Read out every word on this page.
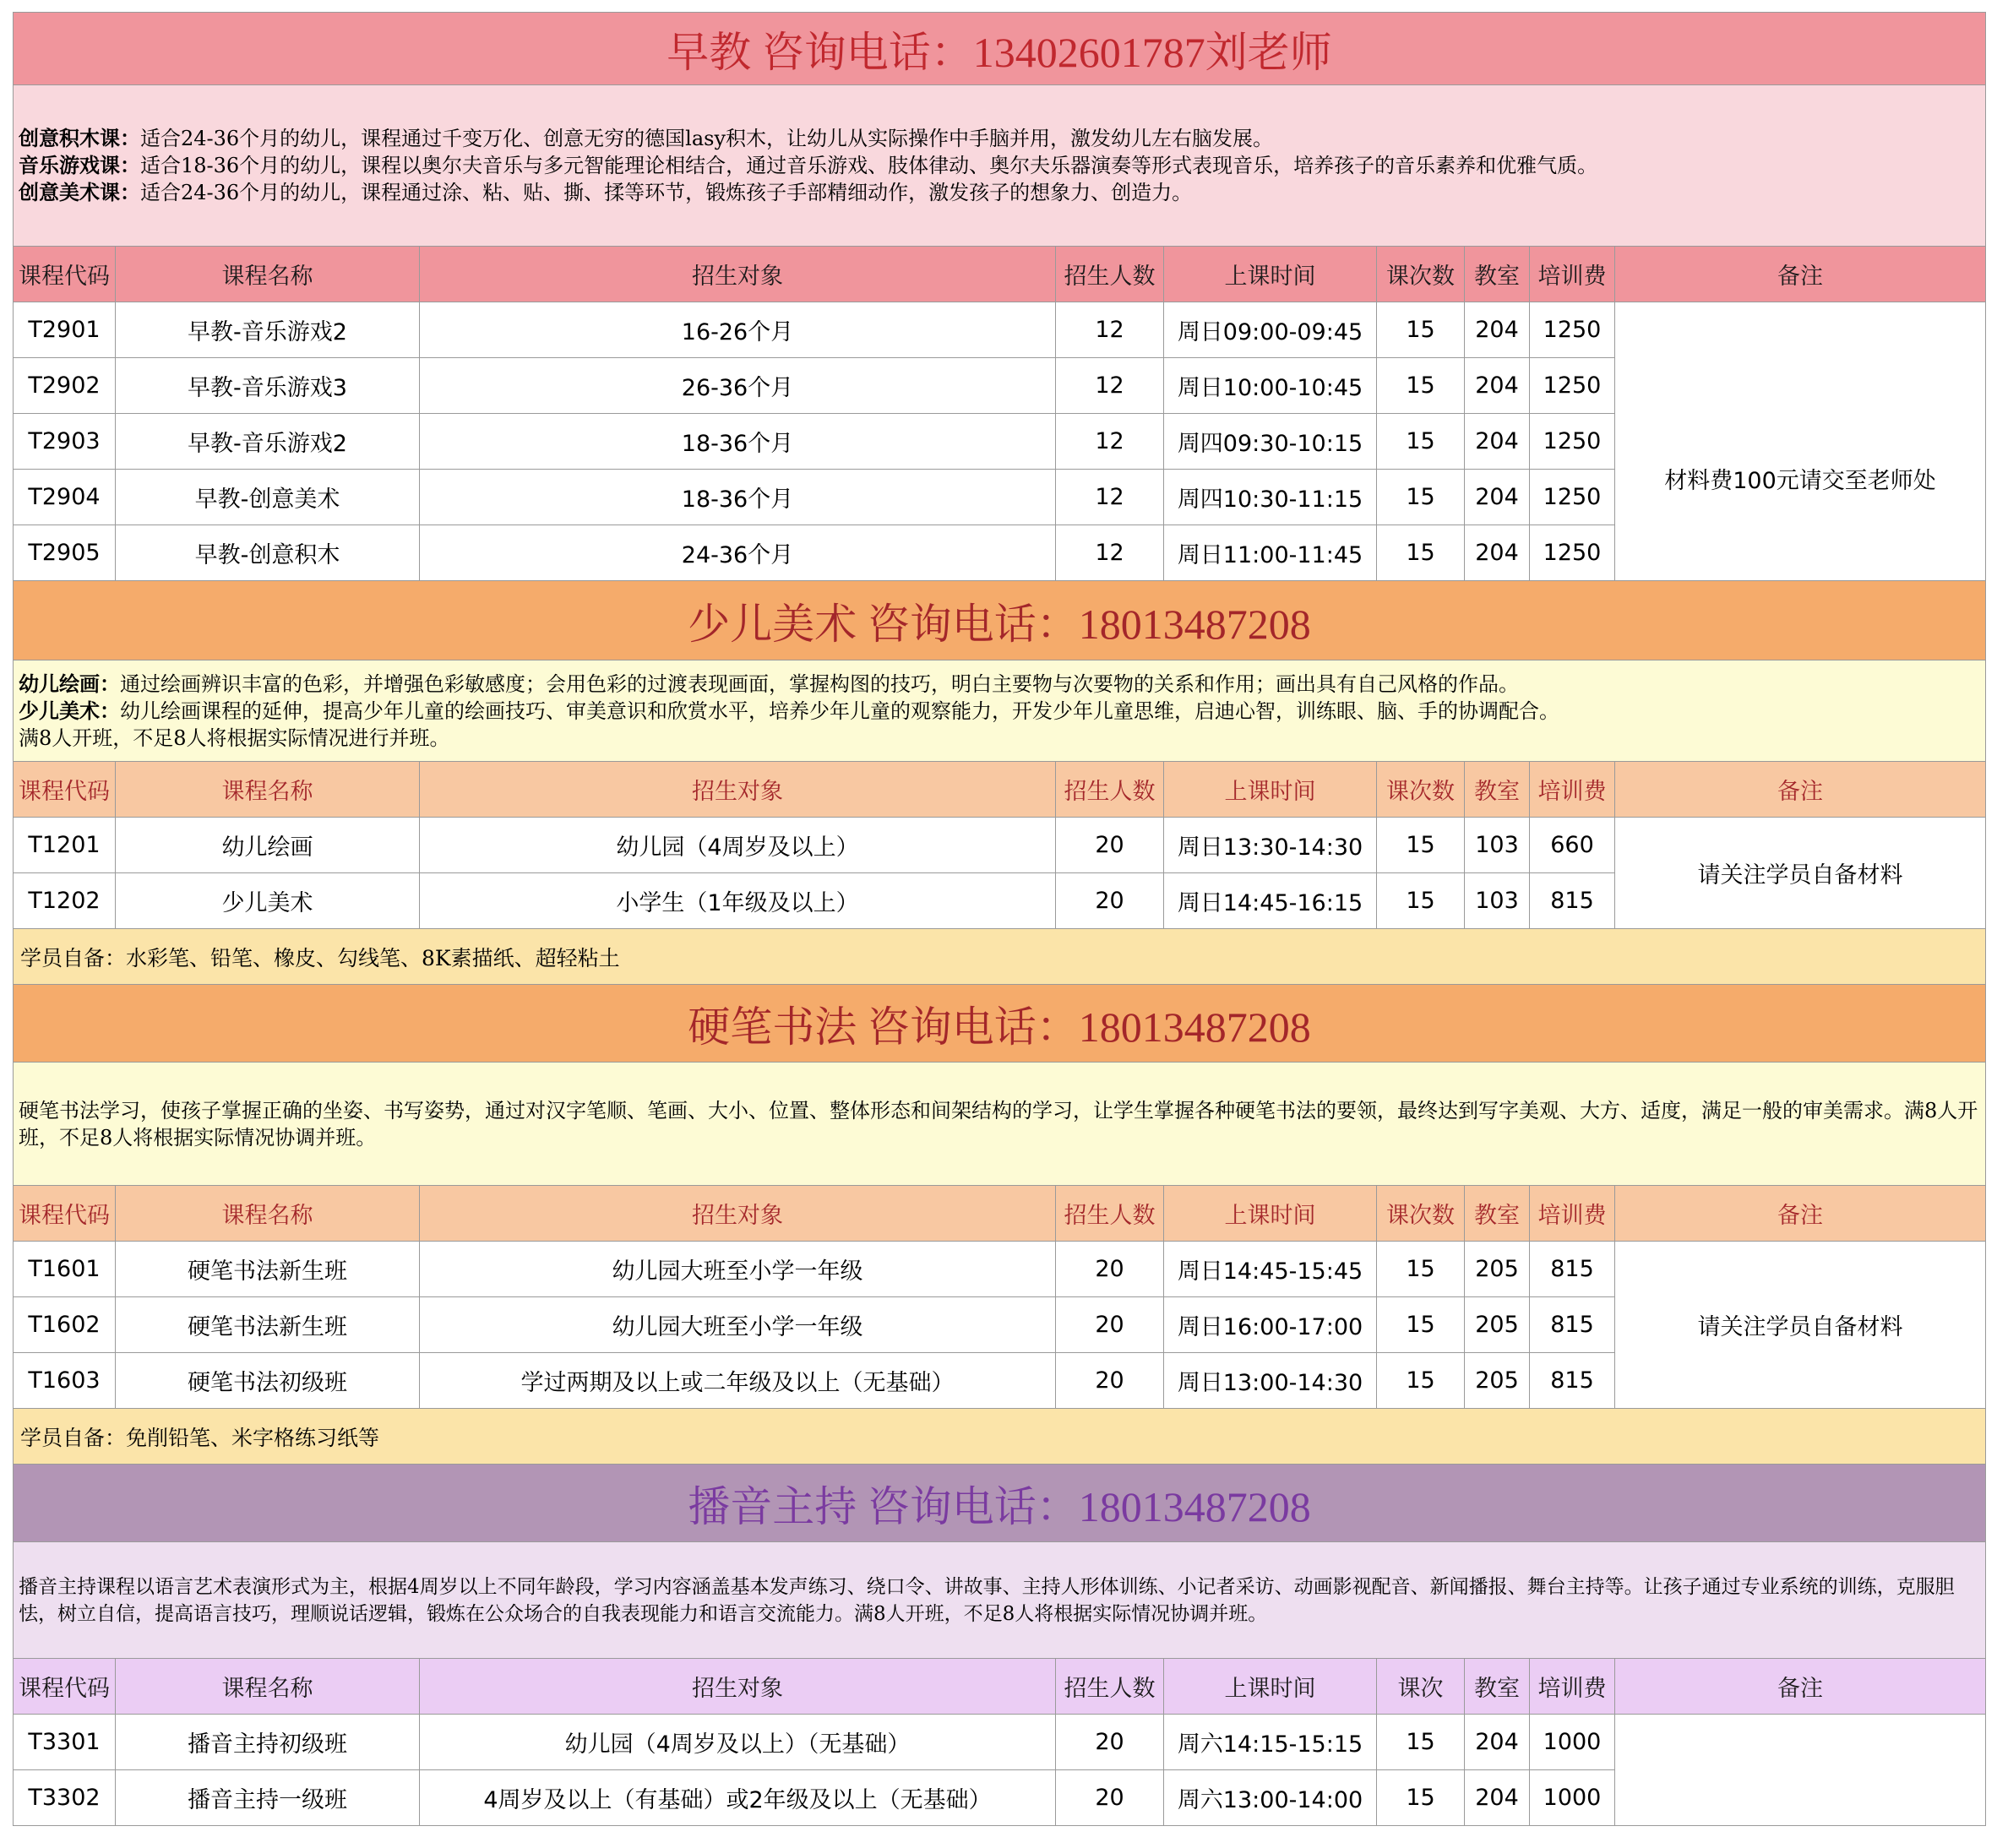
早教 咨询电话：13402601787刘老师								

创意积木课：适合24-36个月的幼儿，课程通过千变万化、创意无穷的德国lasy积木，让幼儿从实际操作中手脑并用，激发幼儿左右脑发展。
音乐游戏课：适合18-36个月的幼儿，课程以奥尔夫音乐与多元智能理论相结合，通过音乐游戏、肢体律动、奥尔夫乐器演奏等形式表现音乐，培养孩子的音乐素养和优雅气质。
创意美术课：适合24-36个月的幼儿，课程通过涂、粘、贴、撕、揉等环节，锻炼孩子手部精细动作，激发孩子的想象力、创造力。								

课程代码	课程名称	招生对象	招生人数	上课时间	课次数	教室	培训费	备注
T2901	早教-音乐游戏2	16-26个月	12	周日09:00-09:45	15	204	1250	材料费100元请交至老师处

T2902	早教-音乐游戏3	26-36个月	12	周日10:00-10:45	15	204	1250	
T2903	早教-音乐游戏2	18-36个月	12	周四09:30-10:15	15	204	1250	
T2904	早教-创意美术	18-36个月	12	周四10:30-11:15	15	204	1250	
T2905	早教-创意积木	24-36个月	12	周日11:00-11:45	15	204	1250	
少儿美术 咨询电话：18013487208								

幼儿绘画：通过绘画辨识丰富的色彩，并增强色彩敏感度；会用色彩的过渡表现画面，掌握构图的技巧，明白主要物与次要物的关系和作用；画出具有自己风格的作品。
少儿美术：幼儿绘画课程的延伸，提高少年儿童的绘画技巧、审美意识和欣赏水平，培养少年儿童的观察能力，开发少年儿童思维，启迪心智，训练眼、脑、手的协调配合。
满8人开班，不足8人将根据实际情况进行并班。								

课程代码	课程名称	招生对象	招生人数	上课时间	课次数	教室	培训费	备注
T1201	幼儿绘画	幼儿园（4周岁及以上）	20	周日13:30-14:30	15	103	660	请关注学员自备材料
T1202	少儿美术	小学生（1年级及以上）	20	周日14:45-16:15	15	103	815	
学员自备：水彩笔、铅笔、橡皮、勾线笔、8K素描纸、超轻粘土								
硬笔书法 咨询电话：18013487208								

硬笔书法学习，使孩子掌握正确的坐姿、书写姿势，通过对汉字笔顺、笔画、大小、位置、整体形态和间架结构的学习，让学生掌握各种硬笔书法的要领，最终达到写字美观、大方、适度，满足一般的审美需求。满8人开班，不足8人将根据实际情况协调并班。								

课程代码	课程名称	招生对象	招生人数	上课时间	课次数	教室	培训费	备注
T1601	硬笔书法新生班	幼儿园大班至小学一年级	20	周日14:45-15:45	15	205	815	请关注学员自备材料
T1602	硬笔书法新生班	幼儿园大班至小学一年级	20	周日16:00-17:00	15	205	815	
T1603	硬笔书法初级班	学过两期及以上或二年级及以上（无基础）	20	周日13:00-14:30	15	205	815	
学员自备：免削铅笔、米字格练习纸等								
播音主持 咨询电话：18013487208								

播音主持课程以语言艺术表演形式为主，根据4周岁以上不同年龄段，学习内容涵盖基本发声练习、绕口令、讲故事、主持人形体训练、小记者采访、动画影视配音、新闻播报、舞台主持等。让孩子通过专业系统的训练，克服胆怯，树立自信，提高语言技巧，理顺说话逻辑，锻炼在公众场合的自我表现能力和语言交流能力。满8人开班，不足8人将根据实际情况协调并班。								

课程代码	课程名称	招生对象	招生人数	上课时间	课次	教室	培训费	备注
T3301	播音主持初级班	幼儿园（4周岁及以上）（无基础）	20	周六14:15-15:15	15	204	1000	
T3302	播音主持一级班	4周岁及以上（有基础）或2年级及以上（无基础）	20	周六13:00-14:00	15	204	1000	
